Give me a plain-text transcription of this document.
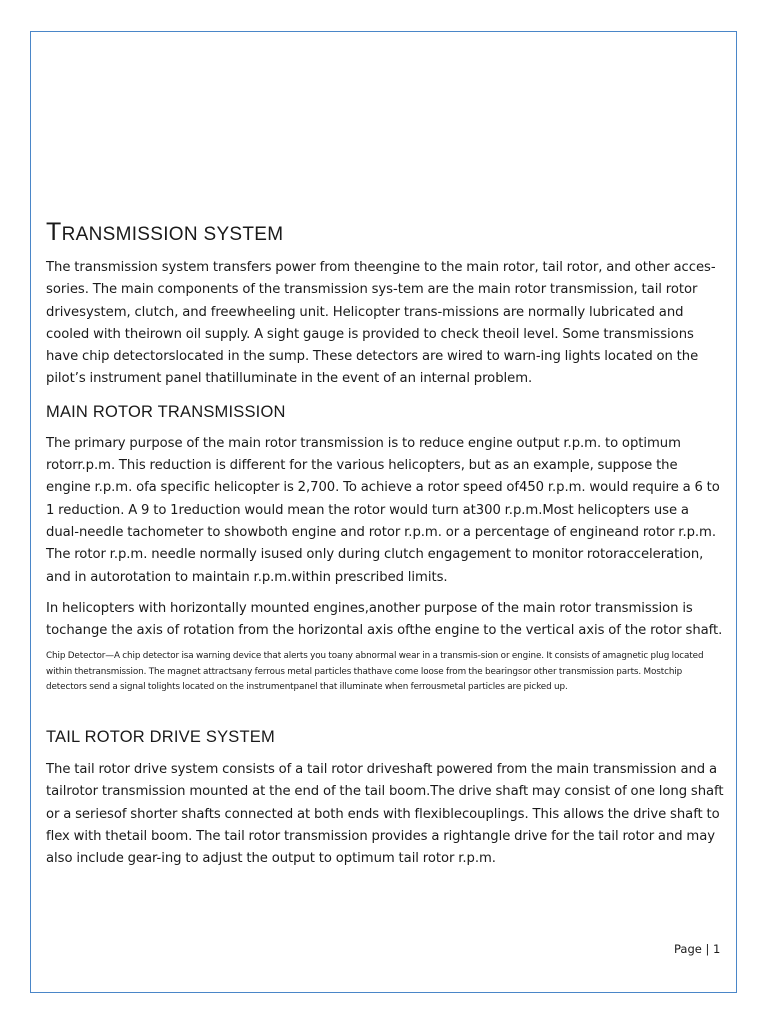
TRANSMISSION SYSTEM

The transmission system transfers power from theengine to the main rotor, tail rotor, and other acces-sories. The main components of the transmission sys-tem are the main rotor transmission, tail rotor drivesystem, clutch, and freewheeling unit. Helicopter trans-missions are normally lubricated and cooled with theirown oil supply. A sight gauge is provided to check theoil level. Some transmissions have chip detectorslocated in the sump. These detectors are wired to warn-ing lights located on the pilot’s instrument panel thatilluminate in the event of an internal problem.

MAIN ROTOR TRANSMISSION

The primary purpose of the main rotor transmission is to reduce engine output r.p.m. to optimum rotorr.p.m. This reduction is different for the various helicopters, but as an example, suppose the engine r.p.m. ofa specific helicopter is 2,700. To achieve a rotor speed of450 r.p.m. would require a 6 to 1 reduction. A 9 to 1reduction would mean the rotor would turn at300 r.p.m.Most helicopters use a dual-needle tachometer to showboth engine and rotor r.p.m. or a percentage of engineand rotor r.p.m. The rotor r.p.m. needle normally isused only during clutch engagement to monitor rotoracceleration, and in autorotation to maintain r.p.m.within prescribed limits.

In helicopters with horizontally mounted engines,another purpose of the main rotor transmission is tochange the axis of rotation from the horizontal axis ofthe engine to the vertical axis of the rotor shaft.

Chip Detector—A chip detector isa warning device that alerts you toany abnormal wear in a transmis-sion or engine. It consists of amagnetic plug located within thetransmission. The magnet attractsany ferrous metal particles thathave come loose from the bearingsor other transmission parts. Mostchip detectors send a signal tolights located on the instrumentpanel that illuminate when ferrousmetal particles are picked up.

TAIL ROTOR DRIVE SYSTEM

The tail rotor drive system consists of a tail rotor driveshaft powered from the main transmission and a tailrotor transmission mounted at the end of the tail boom.The drive shaft may consist of one long shaft or a seriesof shorter shafts connected at both ends with flexiblecouplings. This allows the drive shaft to flex with thetail boom. The tail rotor transmission provides a rightangle drive for the tail rotor and may also include gear-ing to adjust the output to optimum tail rotor r.p.m.

Page | 1
